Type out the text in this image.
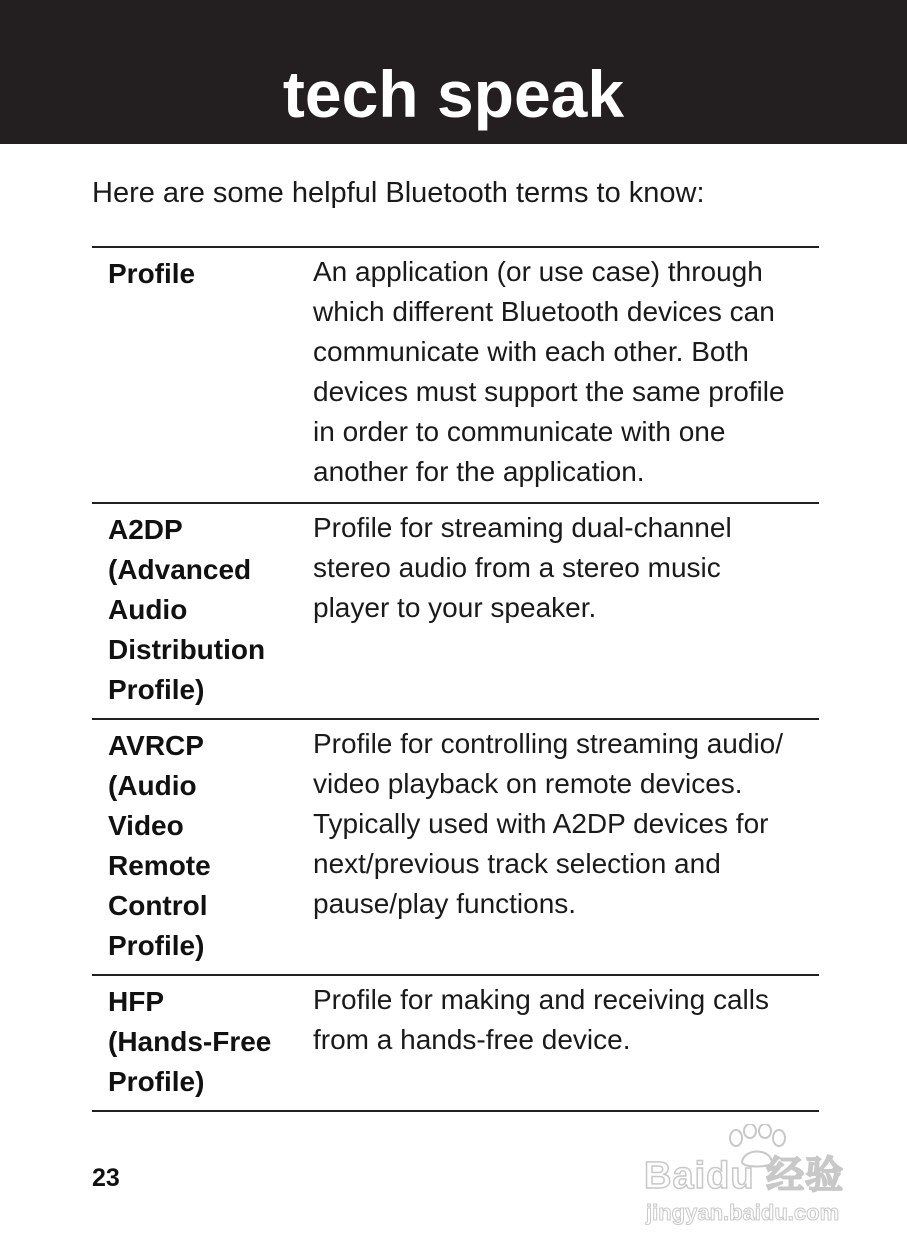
tech speak
Here are some helpful Bluetooth terms to know:
Profile	An application (or use case) through
which different Bluetooth devices can
communicate with each other. Both
devices must support the same profile
in order to communicate with one
another for the application.
A2DP
(Advanced
Audio
Distribution
Profile)
Profile for streaming dual-channel
stereo audio from a stereo music
player to your speaker.
AVRCP
(Audio
Video
Remote
Control
Profile)
Profile for controlling streaming audio/
video playback on remote devices.
Typically used with A2DP devices for
next/previous track selection and
pause/play functions.
HFP
(Hands-Free
Profile)
Profile for making and receiving calls
from a hands-free device.
23	Baidu 经验
jingyan.baidu.com
